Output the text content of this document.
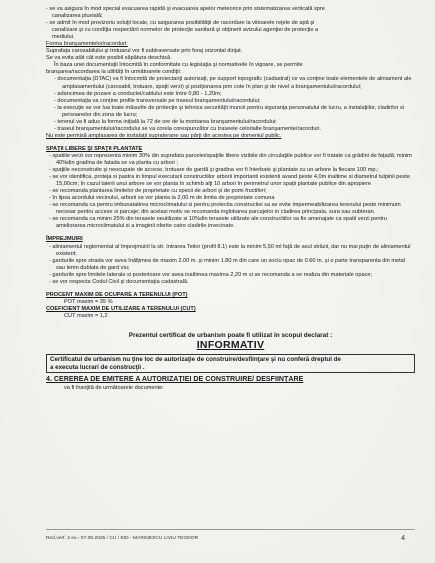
- se va asigura în mod special evacuarea rapidă şi evacuarea apelor meteorice prin sistematizarea verticală spre

canalizarea pluvială;

- se admit în mod provizoriu soluţii locale, cu asigurarea posibilităţii de racordare la viitoarele reţele de apă şi

canalizare şi cu condiţia respectării normelor de protecţie sanitară şi obţinerii avizului agenţiei de protecţie a

mediului.

Forma branşamentelor/racorduri:

Suprafaţa carosabilului şi trotuarul vor fi subtraversate prin foraj orizontal dirijat.

Se va evita atât cât este posibil săpătura deschisă.

În baza unei documentaţii întocmită în conformitate cu legislaţia şi normativele în vigoare, se permite

branşarea/racordarea la utilităţi în următoarele condiţii:

- documentaţia (DTAC) va fi întocmită de proiectanţi autorizaţi, pe support topografic (cadastral) ce va conţine toate elementele de aliniament ale amplasamentului (carosabil, trotuare, spaţii verzi) şi poziţionarea prin cote în plan şi de nivel a branşamentului/racordului;

- adancimea de pozare a conductei/cablului este între 0,80 - 1,20m;

- documentaţia va conţine profile transversale pe traseul branşamentului/racordului;

- la execuţie se vor lua toate măsurile de protecţie şi tehnica securităţii muncii pentru siguranţa personalului de lucru, a instalaţiilor, cladirilor si persoanelor din zona de lucru;

- terenul va fi adus la forma iniţială la 72 de ore de la montarea branşamentului/racordului;

- traseul branşamentului/racordului se va corela corespunzător cu traseele celorlalte branşamente/racorduri.

Nu este permisă amplasarea de instalaţii supraterane sau părţi din acestea pe domeniul public.

SPAŢII LIBERE ŞI SPAŢII PLANTATE

- spatiile verzi vor reprezenta minim 30% din suprafata parcelei/spaţiile libere vizibile din circulaţiile publice vor fi tratate ca grădini de faţadă; minim 40%din gradina de fatada se va planta cu arbori ;

- spaţiile neconstruite şi neocupate de accese, trotuare de gardă şi gradina vor fi înierbate şi plantate cu un arbore la fiecare 100 mp.;

- se vor identifica, proteja si pastra in timpul executarii constructiilor arborii importanti existenti avand peste 4,0m inaltime si diametrul tulpinii peste 15,00cm; în cazul taierii unui arbore se vor planta în schimb alţi 10 arbori în perimetrul unor spaţii plantate publice din apropiere

- se recomanda plantarea limitelor de proprietate cu specii de arbori şi de pomi fructiferi;

- în lipsa acordului vecinului, arborii se vor planta la 2,00 m de limita de proprietate comuna

- se recomanda ca pentru imbunatatirea microclimatului si pentru protectia constructiei sa se evite impermeabilizarea terenului peste minimum necesar pentru accese si parcaje; din acelasi motiv se recomanda inglobarea parcajelor in cladirea principala, sura sau subteran.

- se recomanda ca minim 25% din terasele neutilizate si 10%din terasele utilizate ale constructiilor sa fie amenajate ca spatii verzi pentru ameliorarea microclimatului si a imaginii oferite catre cladirile invecinate.

ÎMPREJMUIRI

- aliniamentul reglementat al împrejmuirii la str. Intrarea Teilor (profil 8.1) este la minim 5,50 ml faţă de axul străzii, dar nu mai puţin de aliniamentul existent;

- gardurile spre strada vor avea înălţimea de maxim 2.00 m. şi minim 1.80 m din care un soclu opac de 0.60 m. şi o parte transparenta din metal sau lemn dublata de gard viu;

- gardurile spre limitele laterale si posterioare vor avea inaltimea maxima 2,20 m si se recomanda a se realiza din materiale opace;

- se vor respecta Codul Civil şi documentaţia cadastrală.

PROCENT MAXIM DE OCUPARE A TERENULUI (POT)

POT maxim = 35 %

COEFICIENT MAXIM DE UTILIZARE A TERENULUI (CUT)

CUT maxim = 1,2

Prezentul certificat de urbanism poate fi utilizat în scopul declarat :

INFORMATIV

Certificatul de urbanism nu ţine loc de autorizaţie de construire/desfiinţare şi nu conferă dreptul de

a executa lucrari de construcţii .

4. CEREREA DE EMITERE A AUTORIZAŢIEI DE CONSTRUIRE/ DESFIINŢARE

va fi însoţită de următoarele documente:

Red.verf. 2 ex.- 07.08.2025 / CU / EID - MARINESCU LIVIU TEODOR	4
